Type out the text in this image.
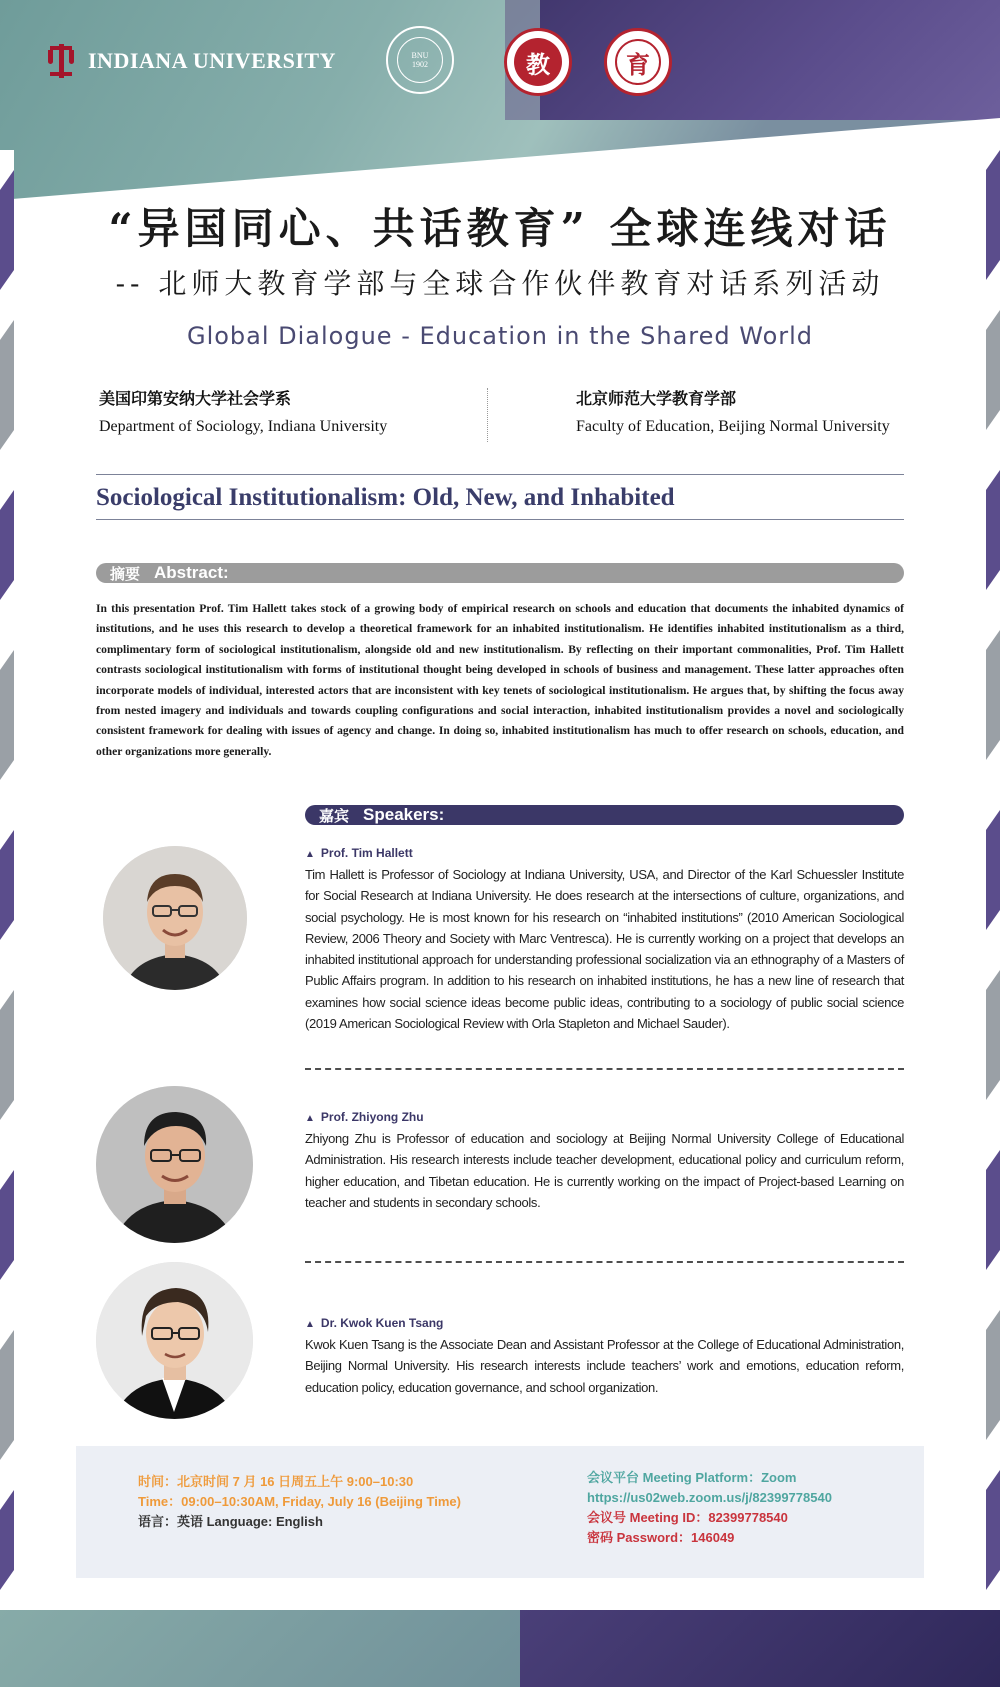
INDIANA UNIVERSITY	BNU
1902	教	育
“异国同心、共话教育” 全球连线对话
-- 北师大教育学部与全球合作伙伴教育对话系列活动
Global Dialogue - Education in the Shared World
美国印第安纳大学社会学系
Department of Sociology, Indiana University
北京师范大学教育学部
Faculty of Education, Beijing Normal University
Sociological Institutionalism: Old, New, and Inhabited
摘要 Abstract:

In this presentation Prof. Tim Hallett takes stock of a growing body of empirical research on schools and education that documents the inhabited dynamics of institutions, and he uses this research to develop a theoretical framework for an inhabited institutionalism. He identifies inhabited institutionalism as a third, complimentary form of sociological institutionalism, alongside old and new institutionalism. By reflecting on their important commonalities, Prof. Tim Hallett contrasts sociological institutionalism with forms of institutional thought being developed in schools of business and management. These latter approaches often incorporate models of individual, interested actors that are inconsistent with key tenets of sociological institutionalism. He argues that, by shifting the focus away from nested imagery and individuals and towards coupling configurations and social interaction, inhabited institutionalism provides a novel and sociologically consistent framework for dealing with issues of agency and change. In doing so, inhabited institutionalism has much to offer research on schools, education, and other organizations more generally.

嘉宾 Speakers:
▲ Prof. Tim Hallett

Tim Hallett is Professor of Sociology at Indiana University, USA, and Director of the Karl Schuessler Institute for Social Research at Indiana University. He does research at the intersections of culture, organizations, and social psychology. He is most known for his research on “inhabited institutions” (2010 American Sociological Review, 2006 Theory and Society with Marc Ventresca). He is currently working on a project that develops an inhabited institutional approach for understanding professional socialization via an ethnography of a Masters of Public Affairs program. In addition to his research on inhabited institutions, he has a new line of research that examines how social science ideas become public ideas, contributing to a sociology of public social science (2019 American Sociological Review with Orla Stapleton and Michael Sauder).

▲ Prof. Zhiyong Zhu

Zhiyong Zhu is Professor of education and sociology at Beijing Normal University College of Educational Administration. His research interests include teacher development, educational policy and curriculum reform, higher education, and Tibetan education. He is currently working on the impact of Project-based Learning on teacher and students in secondary schools.

▲ Dr. Kwok Kuen Tsang

Kwok Kuen Tsang is the Associate Dean and Assistant Professor at the College of Educational Administration, Beijing Normal University. His research interests include teachers’ work and emotions, education reform, education policy, education governance, and school organization.

时间：北京时间 7 月 16 日周五上午 9:00–10:30
Time：09:00–10:30AM, Friday, July 16 (Beijing Time)
语言：英语 Language: English
会议平台 Meeting Platform：Zoom
https://us02web.zoom.us/j/82399778540
会议号 Meeting ID：82399778540
密码 Password：146049
